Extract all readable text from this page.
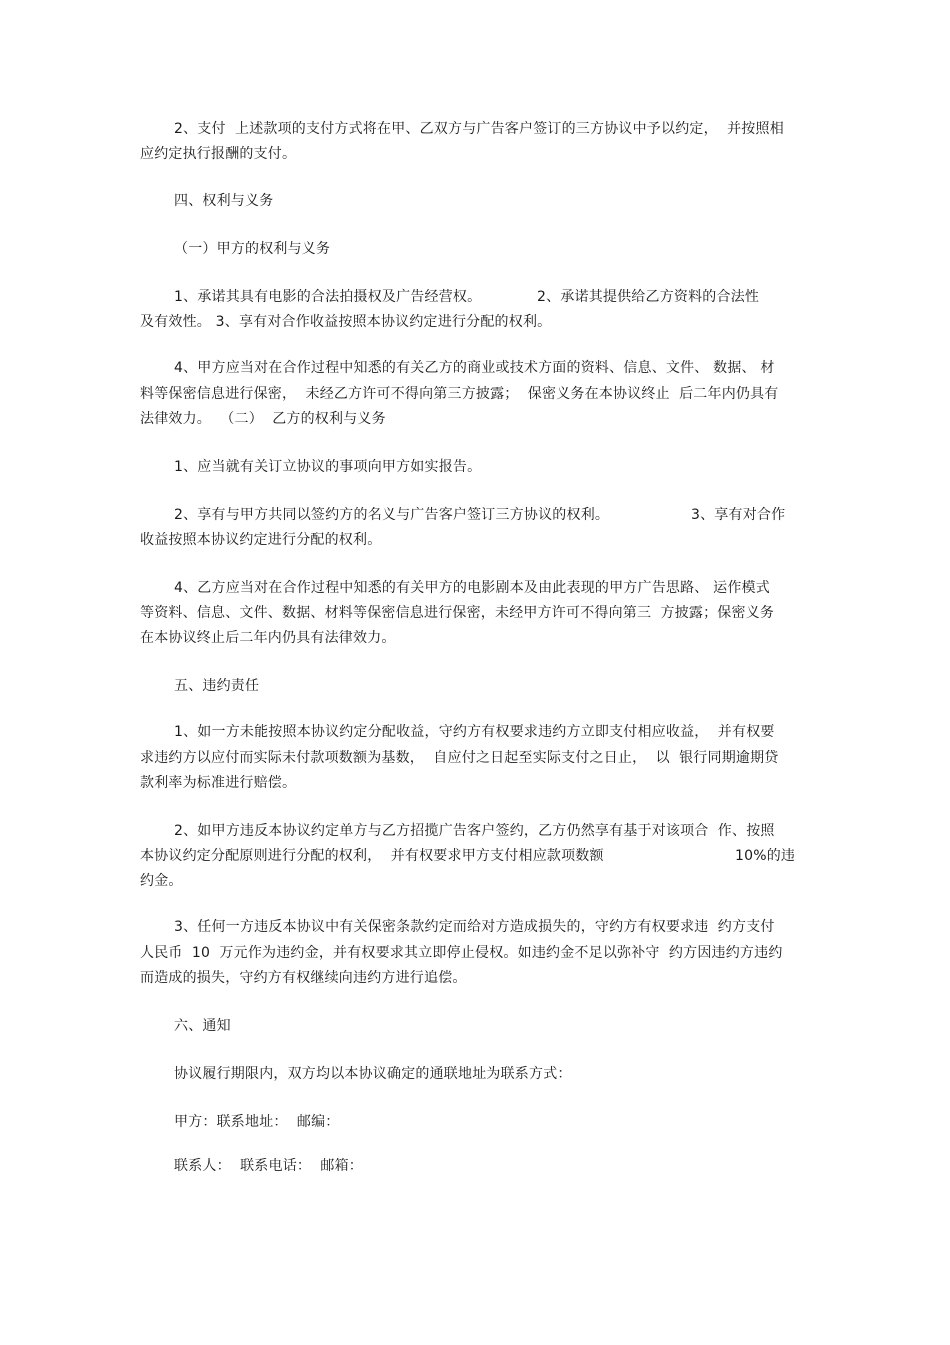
2、支付  上述款项的支付方式将在甲、乙双方与广告客户签订的三方协议中予以约定，  并按照相
应约定执行报酬的支付。
四、权利与义务
（一）甲方的权利与义务
1、承诺其具有电影的合法拍摄权及广告经营权。	2、承诺其提供给乙方资料的合法性
及有效性。 3、享有对合作收益按照本协议约定进行分配的权利。
4、甲方应当对在合作过程中知悉的有关乙方的商业或技术方面的资料、信息、文件、 数据、 材
料等保密信息进行保密，  未经乙方许可不得向第三方披露；  保密义务在本协议终止  后二年内仍具有
法律效力。  （二）  乙方的权利与义务
1、应当就有关订立协议的事项向甲方如实报告。
2、享有与甲方共同以签约方的名义与广告客户签订三方协议的权利。	3、享有对合作
收益按照本协议约定进行分配的权利。
4、乙方应当对在合作过程中知悉的有关甲方的电影剧本及由此表现的甲方广告思路、 运作模式
等资料、信息、文件、数据、材料等保密信息进行保密，未经甲方许可不得向第三  方披露；保密义务
在本协议终止后二年内仍具有法律效力。
五、违约责任
1、如一方未能按照本协议约定分配收益，守约方有权要求违约方立即支付相应收益，  并有权要
求违约方以应付而实际未付款项数额为基数，  自应付之日起至实际支付之日止，  以  银行同期逾期贷
款利率为标准进行赔偿。
2、如甲方违反本协议约定单方与乙方招揽广告客户签约，乙方仍然享有基于对该项合  作、按照
本协议约定分配原则进行分配的权利，  并有权要求甲方支付相应款项数额	10%的违
约金。
3、任何一方违反本协议中有关保密条款约定而给对方造成损失的，守约方有权要求违  约方支付
人民币  10  万元作为违约金，并有权要求其立即停止侵权。如违约金不足以弥补守  约方因违约方违约
而造成的损失，守约方有权继续向违约方进行追偿。
六、通知
协议履行期限内，双方均以本协议确定的通联地址为联系方式：
甲方：联系地址：  邮编：
联系人：  联系电话：  邮箱：
